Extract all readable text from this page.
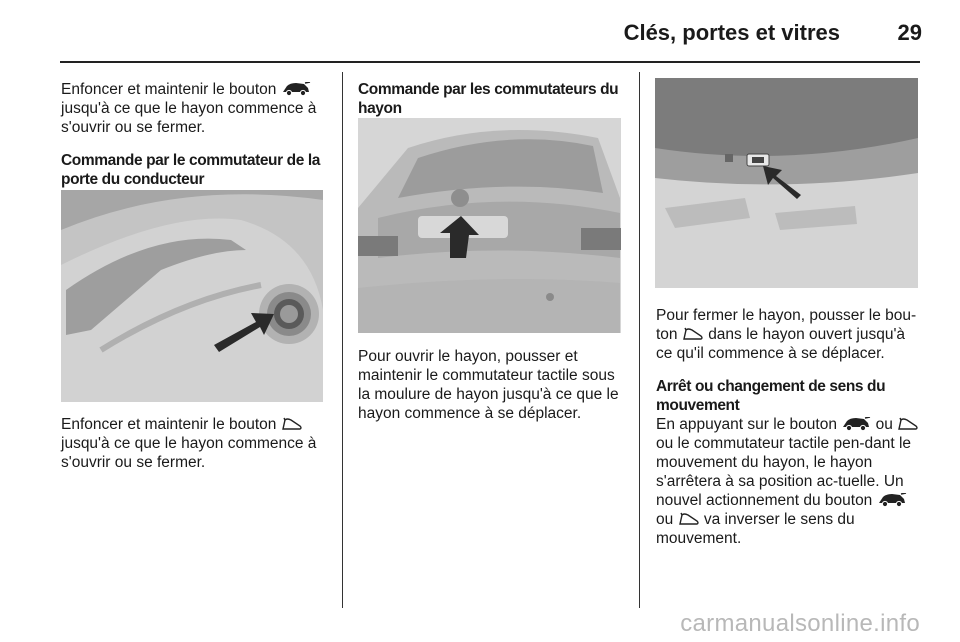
Clés, portes et vitres	29

Enfoncer et maintenir le bouton  jusqu'à ce que le hayon commence à s'ouvrir ou se fermer.

Commande par le commutateur de la porte du conducteur

Enfoncer et maintenir le bouton  jusqu'à ce que le hayon commence à s'ouvrir ou se fermer.

Commande par les commutateurs du hayon

Pour ouvrir le hayon, pousser et maintenir le commutateur tactile sous la moulure de hayon jusqu'à ce que le hayon commence à se déplacer.

Pour fermer le hayon, pousser le bou-ton dans le hayon ouvert jusqu'à ce qu'il commence à se déplacer.

Arrêt ou changement de sens du mouvement

En appuyant sur le bouton ou  ou le commutateur tactile pen-dant le mouvement du hayon, le hayon s'arrêtera à sa position ac-tuelle. Un nouvel actionnement du bouton  ou va inverser le sens du mouvement.

carmanualsonline.info
